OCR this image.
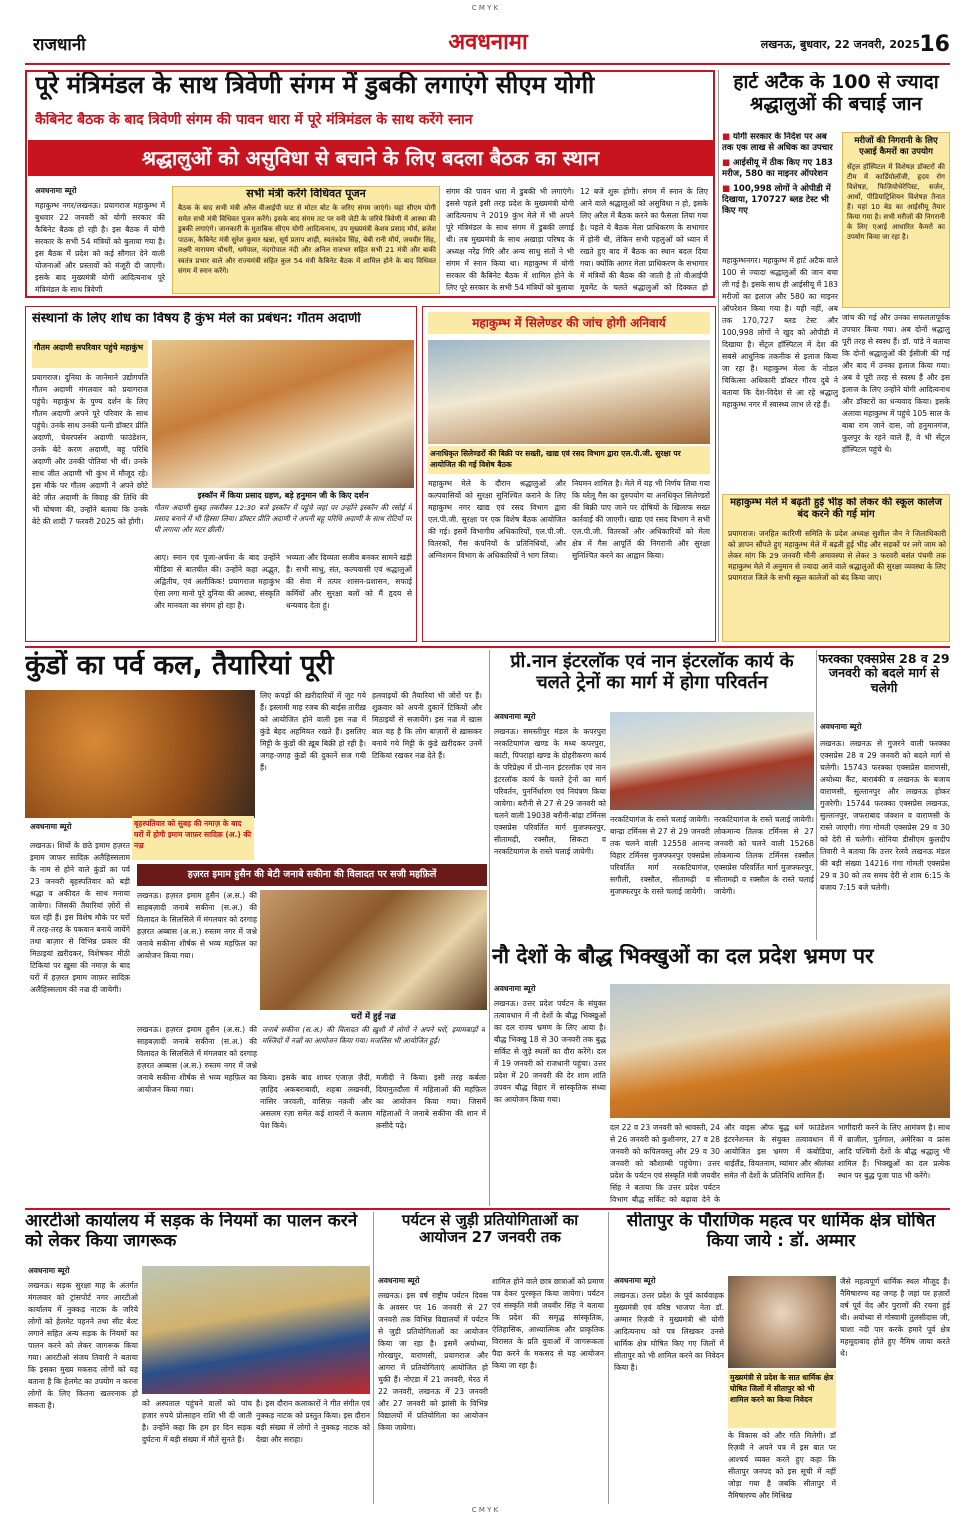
C M Y K
राजधानी	अवधनामा	लखनऊ, बुधवार, 22 जनवरी, 2025 16
पूरे मंत्रिमंडल के साथ त्रिवेणी संगम में डुबकी लगाएंगे सीएम योगी
कैबिनेट बैठक के बाद त्रिवेणी संगम की पावन धारा में पूरे मंत्रिमंडल के साथ करेंगे स्नान
श्रद्धालुओं को असुविधा से बचाने के लिए बदला बैठक का स्थान
अवधनामा ब्यूरो
महाकुम्भ नगर/लखनऊ। प्रयागराज महाकुम्भ में बुधवार 22 जनवरी को योगी सरकार की कैबिनेट बैठक हो रही है। इस बैठक में योगी सरकार के सभी 54 मंत्रियों को बुलाया गया है। इस बैठक में प्रदेश को कई सौगात देने वाली योजनाओं और प्रस्तावों को मंजूरी दी जाएगी। इसके बाद मुख्यमंत्री योगी आदित्यनाथ पूरे मंत्रिमंडल के साथ त्रिवेणी
सभी मंत्री करेंगे विधिवत पूजन
बैठक के बाद सभी मंत्री अरैल वीआईपी घाट से मोटर बोट के जरिए संगम जाएंगे। यहां सीएम योगी समेत सभी मंत्री विधिवत पूजन करेंगे। इसके बाद संगम तट पर वनी जेटी के जरिये त्रिवेणी में आस्था की डुबकी लगाएंगे। जानकारी के मुताबिक सीएम योगी आदित्यनाथ, उप मुख्यमंत्री केशव प्रसाद मौर्य, ब्रजेश पाठक, कैबिनेट मंत्री सुरेश कुमार खन्ना, सूर्य प्रताप शाही, स्वतंत्रदेव सिंह, बेबी रानी मौर्य, जयवीर सिंह, लक्ष्मी नारायण चौधरी, धर्मपाल, नंदगोपाल नंदी और अनिल राजभर सहित सभी 21 मंत्री और बाकी स्वतंत्र प्रभार वाले और राज्यमंत्री सहित कुल 54 मंत्री कैबिनेट बैठक में शामिल होने के बाद विधिवत संगम में स्नान करेंगे।
संगम की पावन धारा में डुबकी भी लगाएंगे। इससे पहले इसी तरह प्रदेश के मुख्यमंत्री योगी आदित्यनाथ ने 2019 कुंभ मेले में भी अपने पूरे मंत्रिमंडल के साथ संगम में डुबकी लगाई थी। तब मुख्यमंत्री के साथ अखाड़ा परिषद के अध्यक्ष नरेंद्र गिरि और अन्य साधु संतों ने भी संगम में स्नान किया था। महाकुम्भ में योगी सरकार की कैबिनेट बैठक में शामिल होने के लिए पूरे सरकार के सभी 54 मंत्रियों को बुलाया
12 बजे शुरू होगी। संगम में स्नान के लिए आने वाले श्रद्धालुओं को असुविधा न हो, इसके लिए अरैल में बैठक करने का फैसला लिया गया है। पहले ये बैठक मेला प्राधिकरण के सभागार में होनी थी, लेकिन सभी पहलुओं को ध्यान में रखते हुए बाद में बैठक का स्थान बदल दिया गया। क्योंकि आगर मेला प्राधिकरण के सभागार में मंत्रियों की बैठक की जाती है तो वीआईपी मूवमेंट के चलते श्रद्धालुओं को दिक्कत हो
हार्ट अटैक के 100 से ज्यादा श्रद्धालुओं की बचाई जान
■ योगी सरकार के निर्देश पर अब तक एक लाख से अधिक का उपचार
■ आईसीयू में ठीक किए गए 183 मरीज, 580 का माइनर ऑपरेशन
■ 100,998 लोगों ने ओपीडी में दिखाया, 170727 ब्लड टेस्ट भी किए गए
मरीजों की निगरानी के लिए एआई कैमरों का उपयोग
सेंट्रल हॉस्पिटल में विशेषज्ञ डॉक्टरों की टीम में कार्डियोलॉजी, हृदय रोग विशेषज्ञ, फिजियोथेरेपिस्ट, सर्जन, आर्थो, पीडियाट्रिशियन विशेषज्ञ तैनात हैं। यहां 10 बेड का आईसीयू तैयार किया गया है। सभी मरीजों की निगरानी के लिए एआई आधारित कैमरों का उपयोग किया जा रहा है।
महाकुम्भनगर। महाकुम्भ में हार्ट अटैक वाले 100 से ज्यादा श्रद्धालुओं की जान बचा ली गई है। इसके साथ ही आईसीयू में 183 मरीजों का इलाज और 580 का माइनर ऑपरेशन किया गया है। यही नहीं, अब तक 170,727 ब्लड टेस्ट और 100,998 लोगों ने खुद को ओपीडी में दिखाया है। सेंट्रल हॉस्पिटल में देश की सबसे आधुनिक तकनीक से इलाज किया जा रहा है। महाकुम्भ मेला के नोडल चिकित्सा अधिकारी डॉक्टर गौरव दुबे ने बताया कि देश-विदेश से आ रहे श्रद्धालु महाकुम्भ नगर में स्वास्थ्य लाभ ले रहे हैं।
जांच की गई और उनका सफलतापूर्वक उपचार किया गया। अब दोनों श्रद्धालु पूरी तरह से स्वस्थ हैं। डॉ. पांडे ने बताया कि दोनों श्रद्धालुओं की ईसीजी की गई और बाद में उनका इलाज किया गया। अब वे पूरी तरह से स्वस्थ हैं और इस इलाज के लिए उन्होंने योगी आदित्यनाथ और डॉक्टरों का धन्यवाद किया। इसके अलावा महाकुम्भ में पहुंचे 105 साल के बाबा राम जाने दास, जो हनुमानगंज, फूलपुर के रहने वाले हैं, वे भी सेंट्रल हॉस्पिटल पहुंचे थे।
महाकुम्भ मेले में बढ़ती हुई भीड़ को लेकर की स्कूल कालेज बंद करने की गई मांग
प्रयागराज। जनहित कारिणी समिति के प्रदेश अध्यक्ष सुशील जैन ने जिलाधिकारी को ज्ञापन सौंपते हुए महाकुम्भ मेले में बढ़ती हुई भीड़ और सड़कों पर लगे जाम को लेकर मांग कि 29 जनवरी मौनी अमावस्या से लेकर 3 फरवरी बसंत पंचमी तक महाकुम्भ मेले में अनुमान से ज्यादा आने वाले श्रद्धालुओं की सुरक्षा व्यवस्था के लिए प्रयागराज जिले के सभी स्कूल कालेजों को बंद किया जाए।
संस्थानों के लिए शोध का विषय है कुंभ मेले का प्रबंधन: गौतम अदाणी
गौतम अदाणी सपरिवार पहुंचे महाकुंभ
प्रयागराज। दुनिया के जानेमाने उद्योगपति गौतम अदाणी मंगलवार को प्रयागराज पहुंचे। महाकुंभ के पुण्य दर्शन के लिए गौतम अदाणी अपने पूरे परिवार के साथ पहुंचे। उनके साथ उनकी पत्नी डॉक्टर प्रीति अदाणी, चेयरपर्सन अदाणी फाउंडेशन, उनके बेटे करण अदाणी, बहू परिधि अदाणी और उनकी पोतियां भी थीं। उनके साथ जीत अदाणी भी कुंभ में मौजूद रहे। इस मौके पर गौतम अदाणी ने अपने छोटे बेटे जीत अदाणी के विवाह की तिथि की भी घोषणा की, उन्होंने बताया कि उनके बेटे की शादी 7 फरवरी 2025 को होगी।
इस्कॉन में किया प्रसाद ग्रहण, बड़े हनुमान जी के किए दर्शन
गौतम अदाणी सुबह तकरीबन 12:30 बजे इस्कॉन में पहुंचे जहां पर उन्होंने इस्कॉन की रसोई में प्रसाद बनाने में भी हिस्सा लिया। डॉक्टर प्रीति अदाणी ने अपनी बहू परिधि अदाणी के साथ रोटियों पर घी लगाया और मटर छीलीं।
आए। स्नान एवं पूजा-अर्चना के बाद उन्होंने मीडिया से बातचीत की। उन्होंने कहा अद्भुत, अद्वितीय, एवं अलौकिक! प्रयागराज महाकुंभ ऐसा लगा मानो पूरे दुनिया की आस्था, संस्कृति और मानवता का संगम हो रहा है।
भव्यता और दिव्यता सजीव बनकर सामने खड़ी है। सभी साधु, संत, कल्पवासी एवं श्रद्धालुओं की सेवा में तत्पर शासन-प्रशासन, सफाई कर्मियों और सुरक्षा बलों को मैं हृदय से धन्यवाद देता हूं।
महाकुम्भ में सिलेण्डर की जांच होगी अनिवार्य
अनाधिकृत सिलेण्डरों की बिक्री पर सख्ती, खाद्य एवं रसद विभाग द्वारा एल.पी.जी. सुरक्षा पर आयोजित की गई विशेष बैठक
महाकुम्भ मेले के दौरान श्रद्धालुओं और कल्पवासियों को सुरक्षा सुनिश्चित कराने के लिए महाकुम्भ नगर खाद्य एवं रसद विभाग द्वारा एल.पी.जी. सुरक्षा पर एक विशेष बैठक आयोजित की गई। इसमें विभागीय अधिकारियों, एल.पी.जी. वितरकों, गैस कंपनियों के प्रतिनिधियों, और अग्निशमन विभाग के अधिकारियों ने भाग लिया।
नियमन शामिल है। मेले में यह भी निर्णय लिया गया कि घरेलू गैस का दुरुपयोग या अनधिकृत सिलेण्डरों की बिक्री पाए जाने पर दोषियों के खिलाफ सख्त कार्रवाई की जाएगी। खाद्य एवं रसद विभाग ने सभी एल.पी.जी. वितरकों और अधिकारियों को मेला क्षेत्र में गैस आपूर्ति की निगरानी और सुरक्षा सुनिश्चित करने का आह्वान किया।
कुंडों का पर्व कल, तैयारियां पूरी
बृहस्पतिवार को सुबह की नमाज़ के बाद घरों में होगी इमाम जाफ़र सादिक़ (अ.) की नज़्र
अवधनामा ब्यूरो
लखनऊ। शियों के छठे इमाम हज़रत इमाम जाफ़र सादिक़ अलैहिस्सलाम के नाम से होने वाले कुंडों का पर्व 23 जनवरी बृहस्पतिवार को बड़ी श्रद्धा व अकीदत के साथ मनाया जायेगा। जिसकी तैयारियां ज़ोरों से चल रही हैं। इस विशेष मौके पर घरों में तरह-तरह के पकवान बनाये जायेंगे तथा बाज़ार से विभिन्न प्रकार की मिठाइयां ख़रीदकर, विशेषकर मीठी टिकियां पर ख़ुसा की नमाज़ के बाद घरों में हज़रत इमाम जाफ़र सादिक़ अलैहिस्सलाम की नज़्र दी जायेगी।
लिए कपड़ों की ख़रीदारियों में जुट गये हैं। इस्लामी माह रजब की बाईस तारीख़ को आयोजित होने वाली इस नज़्र में कुंडे बेहद अहमियत रखते हैं। इसलिए मिट्टी के कुंडों की ख़ूब बिक्री हो रही है। जगह-जगह कुंडों की दुकानें सज गयी हैं।
हलवाइयों की तैयारियां भी जोरों पर हैं। शुक्रवार को अपनी दुकानें टिकियों और मिठाइयों से सजायेंगे। इस नज़्र में खास बात यह है कि लोग बाज़ारों से ख़ासकर बनाये गये मिट्टी के कुंडे ख़रीदकर उनमें टिकियां रखकर नज़्र देते हैं।
हज़रत इमाम हुसैन की बेटी जनाबे सकीना की विलादत पर सजी महफ़िलें
लखनऊ। हज़रत इमाम हुसैन (अ.स.) की साहबज़ादी जनाबे सकीना (स.अ.) की विलादत के सिलसिले में मंगलवार को दरगाह हज़रत अब्बास (अ.स.) रुस्तम नगर में जश्ने जनाबे सकीना शीर्षक से भव्य महफ़िल का आयोजन किया गया।
घरों में हुई नज़्र
जनाबे सकीना (स.अ.) की विलादत की ख़ुशी में लोगों ने अपने घरों, इमामबाड़ों व मस्जिदों में नज़्रों का आयोजन किया गया। मजलिस भी आयोजित हुईं।
किया। इसके बाद शायर एजाज़ ज़ैदी, ज़ाहिद अकबराबादी, शहबा लखनवी, नासिर जरवली, वासिफ़ नक़वी और असलम रज़ा समेत कई शायरों ने कलाम पेश किये।
मजीदी ने किया। इसी तरह कर्बला दियानुतदौला में महिलाओं की महफ़िल का आयोजन किया गया। जिसमें महिलाओं ने जनाबे सकीना की शान में क़सीदे पढ़े।
लखनऊ। हज़रत इमाम हुसैन (अ.स.) की साहबज़ादी जनाबे सकीना (स.अ.) की विलादत के सिलसिले में मंगलवार को दरगाह हज़रत अब्बास (अ.स.) रुस्तम नगर में जश्ने जनाबे सकीना शीर्षक से भव्य महफ़िल का आयोजन किया गया।
प्री.नान इंटरलॉक एवं नान इंटरलॉक कार्य के चलते ट्रेनों का मार्ग में होगा परिवर्तन
अवधनामा ब्यूरो
लखनऊ। समस्तीपुर मंडल के कपरपुरा नरकटियागंज खण्ड के मध्य कपरपुरा, काटी, पिपराहां खण्ड के दोहरीकरण कार्य के परिप्रेक्ष्य में प्री-नान इंटरलॉक एवं नान इंटरलॉक कार्य के चलते ट्रेनों का मार्ग परिवर्तन, पुनर्निर्धारण एवं नियंत्रण किया जायेगा। बरौनी से 27 से 29 जनवरी को चलने वाली 19038 बरौनी-बांद्रा टर्मिनस एक्सप्रेस परिवर्तित मार्ग मुजफ्फरपुर, सीतामढ़ी, रक्सौल, सिकटा व नरकटियागंज के रास्ते चलाई जायेगी।
नरकटियागंज के रास्ते चलाई जायेगी। बान्द्रा टर्मिनस से 27 से 29 जनवरी तक चलने वाली 12558 आनन्द विहार टर्मिनस मुजफ्फरपुर एक्सप्रेस परिवर्तित मार्ग नरकटियागंज, सगौली, रक्सौल, सीतामढ़ी व मुजफ्फरपुर के रास्ते चलाई जायेगी।
नरकटियागंज के रास्ते चलाई जायेगी। लोकमान्य तिलक टर्मिनस से 27 जनवरी को चलने वाली 15268 लोकमान्य तिलक टर्मिनस रक्सौल एक्सप्रेस परिवर्तित मार्ग मुजफ्फरपुर, सीतामढ़ी व रक्सौल के रास्ते चलाई जायेगी।
फरक्का एक्सप्रेस 28 व 29 जनवरी को बदले मार्ग से चलेगी
अवधनामा ब्यूरो
लखनऊ। लखनऊ से गुजरने वाली फरक्का एक्सप्रेस 28 व 29 जनवरी को बदले मार्ग से चलेगी। 15743 फरक्का एक्सप्रेस वाराणसी, अयोध्या कैंट, बाराबंकी व लखनऊ के बजाय वाराणसी, सुल्तानपुर और लखनऊ होकर गुजरेगी। 15744 फरक्का एक्सप्रेस लखनऊ, सुल्तानपुर, जफराबाद जंक्शन व वाराणसी के रास्ते जाएगी। गंगा गोमती एक्सप्रेस 29 व 30 को देरी से चलेगी। सोनिया डीसीएम कुलदीप तिवारी ने बताया कि उत्तर रेलवे लखनऊ मंडल की बड़ी संख्या 14216 गंगा गोमती एक्सप्रेस 29 व 30 को तय समय देरी से शाम 6:15 के बजाय 7:15 बजे चलेगी।
नौ देशों के बौद्ध भिक्खुओं का दल प्रदेश भ्रमण पर
अवधनामा ब्यूरो
लखनऊ। उत्तर प्रदेश पर्यटन के संयुक्त तत्वावधान में नौ देशों के बौद्ध भिक्खुओं का दल राज्य भ्रमण के लिए आया है। बौद्ध भिक्खु 18 से 30 जनवरी तक बुद्ध सर्किट से जुड़े स्थलों का दौरा करेंगे। दल में 19 जनवरी को राजधानी पहुंचा। उत्तर प्रदेश में 20 जनवरी की देर शाम शांति उपवन बौद्ध विहार में सांस्कृतिक संध्या का आयोजन किया गया।
दल 22 व 23 जनवरी को श्रावस्ती, 24 से 26 जनवरी को कुशीनगर, 27 व 28 जनवरी को कपिलवस्तु और 29 व 30 जनवरी को कौशाम्बी पहुंचेगा। उत्तर प्रदेश के पर्यटन एवं संस्कृति मंत्री जयवीर सिंह ने बताया कि उत्तर प्रदेश पर्यटन विभाग बौद्ध सर्किट को बढ़ावा देने के
और वाइस ऑफ बुद्ध धर्म फाउंडेशन इंटरनेशनल के संयुक्त तत्वावधान में आयोजित इस भ्रमण में कंबोडिया, थाईलैंड, वियतनाम, म्यांमार और श्रीलंका समेत नौ देशों के प्रतिनिधि शामिल हैं।
भागीदारी करने के लिए आमंत्रण है। साथ में ब्राजील, पुर्तगाल, अमेरिका व फ्रांस आदि पश्चिमी देशों के बौद्ध श्रद्धालु भी शामिल हैं। भिक्खुओं का दल प्रत्येक स्थान पर बुद्ध पूजा पाठ भी करेंगे।
आरटीओ कार्यालय में सड़क के नियमों का पालन करने को लेकर किया जागरूक
अवधनामा ब्यूरो
लखनऊ। सड़क सुरक्षा माह के अंतर्गत मंगलवार को ट्रांसपोर्ट नगर आरटीओ कार्यालय में नुक्कड़ नाटक के जरिये लोगों को हेलमेट पहनने तथा सीट बेल्ट लगाने सहित अन्य सड़क के नियमों का पालन करने को लेकर जागरूक किया गया। आरटीओ संजय तिवारी ने बताया कि इसका मुख्य मकसद लोगों को यह बताना है कि हेलमेट का उपयोग न करना लोगों के लिए कितना खतरनाक हो सकता है।	को अस्पताल पहुंचने वालों को पांच हजार रुपये प्रोत्साहन राशि भी दी जाती है। उन्होंने कहा कि हम हर दिन सड़क दुर्घटना में बड़ी संख्या में मौतें सुनते हैं।
है। इस दौरान कलाकारों ने गीत संगीत एवं नुक्कड़ नाटक को प्रस्तुत किया। इस दौरान बड़ी संख्या में लोगों ने नुक्कड़ नाटक को देखा और सराहा।
पर्यटन से जुड़ी प्रतियोगिताओं का आयोजन 27 जनवरी तक
अवधनामा ब्यूरो
लखनऊ। इस वर्ष राष्ट्रीय पर्यटन दिवस के अवसर पर 16 जनवरी से 27 जनवरी तक विभिन्न विद्यालयों में पर्यटन से जुड़ी प्रतियोगिताओं का आयोजन किया जा रहा है। इसमें अयोध्या, गोरखपुर, वाराणसी, प्रयागराज और आगरा में प्रतियोगिताएं आयोजित हो चुकी हैं। नोएडा में 21 जनवरी, मेरठ में 22 जनवरी, लखनऊ में 23 जनवरी और 27 जनवरी को झांसी के विभिन्न विद्यालयों में प्रतियोगिता का आयोजन किया जायेगा।
शामिल होने वाले छात्र छात्राओं को प्रमाण पत्र देकर पुरस्कृत किया जायेगा। पर्यटन एवं संस्कृति मंत्री जयवीर सिंह ने बताया कि प्रदेश की समृद्ध सांस्कृतिक, ऐतिहासिक, आध्यात्मिक और प्राकृतिक विरासत के प्रति युवाओं में जागरूकता पैदा करने के मकसद से यह आयोजन किया जा रहा है।
सीतापुर के पौराणिक महत्व पर धार्मिक क्षेत्र घोषित किया जाये : डॉ. अम्मार
अवधनामा ब्यूरो
लखनऊ। उत्तर प्रदेश के पूर्व कार्यवाहक मुख्यमंत्री एवं वरिष्ठ भाजपा नेता डॉ. अम्मार रिज़वी ने मुख्यमंत्री श्री योगी आदित्यनाथ को पत्र लिखकर उनसे धार्मिक क्षेत्र घोषित किए गए जिलों में सीतापुर को भी शामिल करने का निवेदन किया है।
मुख्यमंत्री से प्रदेश के सात धार्मिक क्षेत्र घोषित जिलों में सीतापुर को भी शामिल करने का किया निवेदन
के विकास को और गति मिलेगी। डॉ रिज़वी ने अपने पत्र में इस बात पर आश्चर्य व्यक्त करते हुए कहा कि सीतापुर जनपद को इस सूची में नहीं जोड़ा गया है जबकि सीतापुर में नैमिषारण्य और मिश्रिख
जैसे महत्वपूर्ण धार्मिक स्थल मौजूद हैं। नैमिषारण्य वह जगह है जहां पर हज़ारों वर्ष पूर्व वेद और पुराणों की रचना हुई थी। अयोध्या से गोस्वामी तुलसीदास जी, चाशा नदी पार करके हमारे पूर्व क्षेत्र महमूदाबाद होते हुए नैमिष जाया करते थे।
C M Y K
